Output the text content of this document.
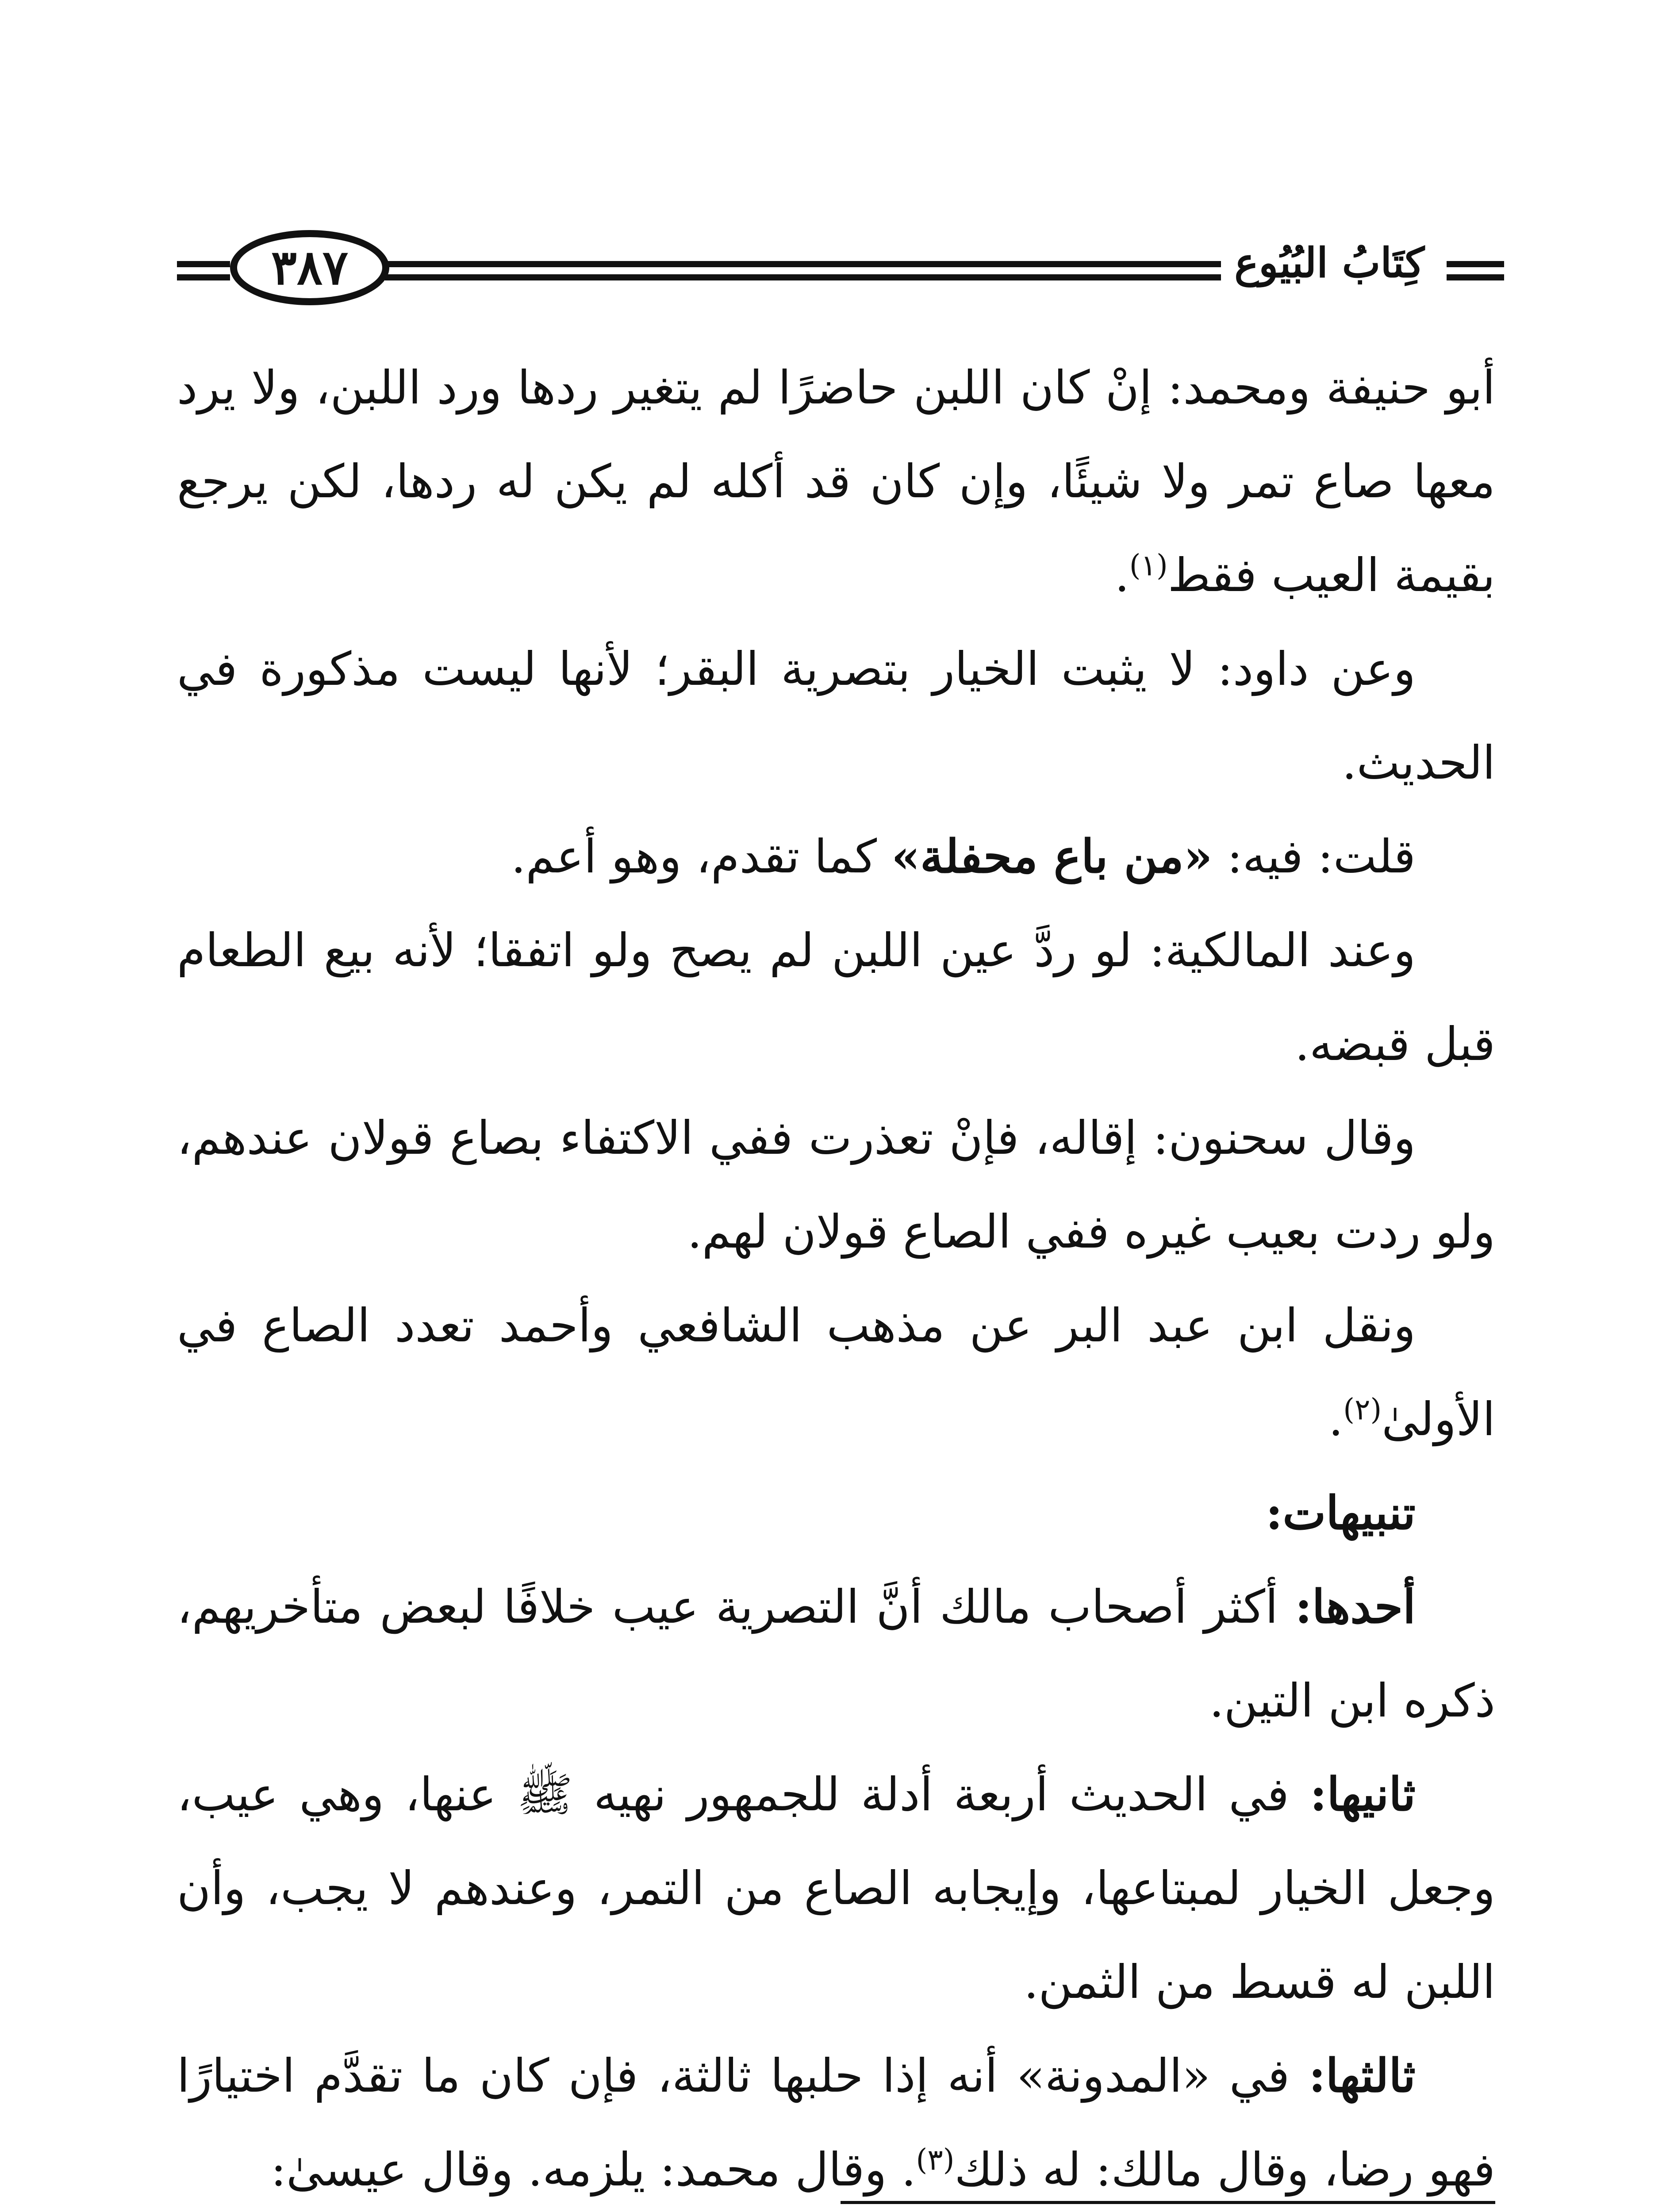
٣٨٧	كِتَابُ البُيُوع

أبو حنيفة ومحمد: إنْ كان اللبن حاضرًا لم يتغير ردها ورد اللبن، ولا يرد معها صاع تمر ولا شيئًا، وإن كان قد أكله لم يكن له ردها، لكن يرجع بقيمة العيب فقط$^{(١)}$.

وعن داود: لا يثبت الخيار بتصرية البقر؛ لأنها ليست مذكورة في الحديث.

قلت: فيه: «من باع محفلة» كما تقدم، وهو أعم.

وعند المالكية: لو ردَّ عين اللبن لم يصح ولو اتفقا؛ لأنه بيع الطعام قبل قبضه.

وقال سحنون: إقاله، فإنْ تعذرت ففي الاكتفاء بصاع قولان عندهم، ولو ردت بعيب غيره ففي الصاع قولان لهم.

ونقل ابن عبد البر عن مذهب الشافعي وأحمد تعدد الصاع في الأولىٰ$^{(٢)}$.

تنبيهات:

أحدها: أكثر أصحاب مالك أنَّ التصرية عيب خلافًا لبعض متأخريهم، ذكره ابن التين.

ثانيها: في الحديث أربعة أدلة للجمهور نهيه ﷺ عنها، وهي عيب، وجعل الخيار لمبتاعها، وإيجابه الصاع من التمر، وعندهم لا يجب، وأن اللبن له قسط من الثمن.

ثالثها: في «المدونة» أنه إذا حلبها ثالثة، فإن كان ما تقدَّم اختيارًا فهو رضا، وقال مالك: له ذلك$^{(٣)}$. وقال محمد: يلزمه. وقال عيسىٰ:
